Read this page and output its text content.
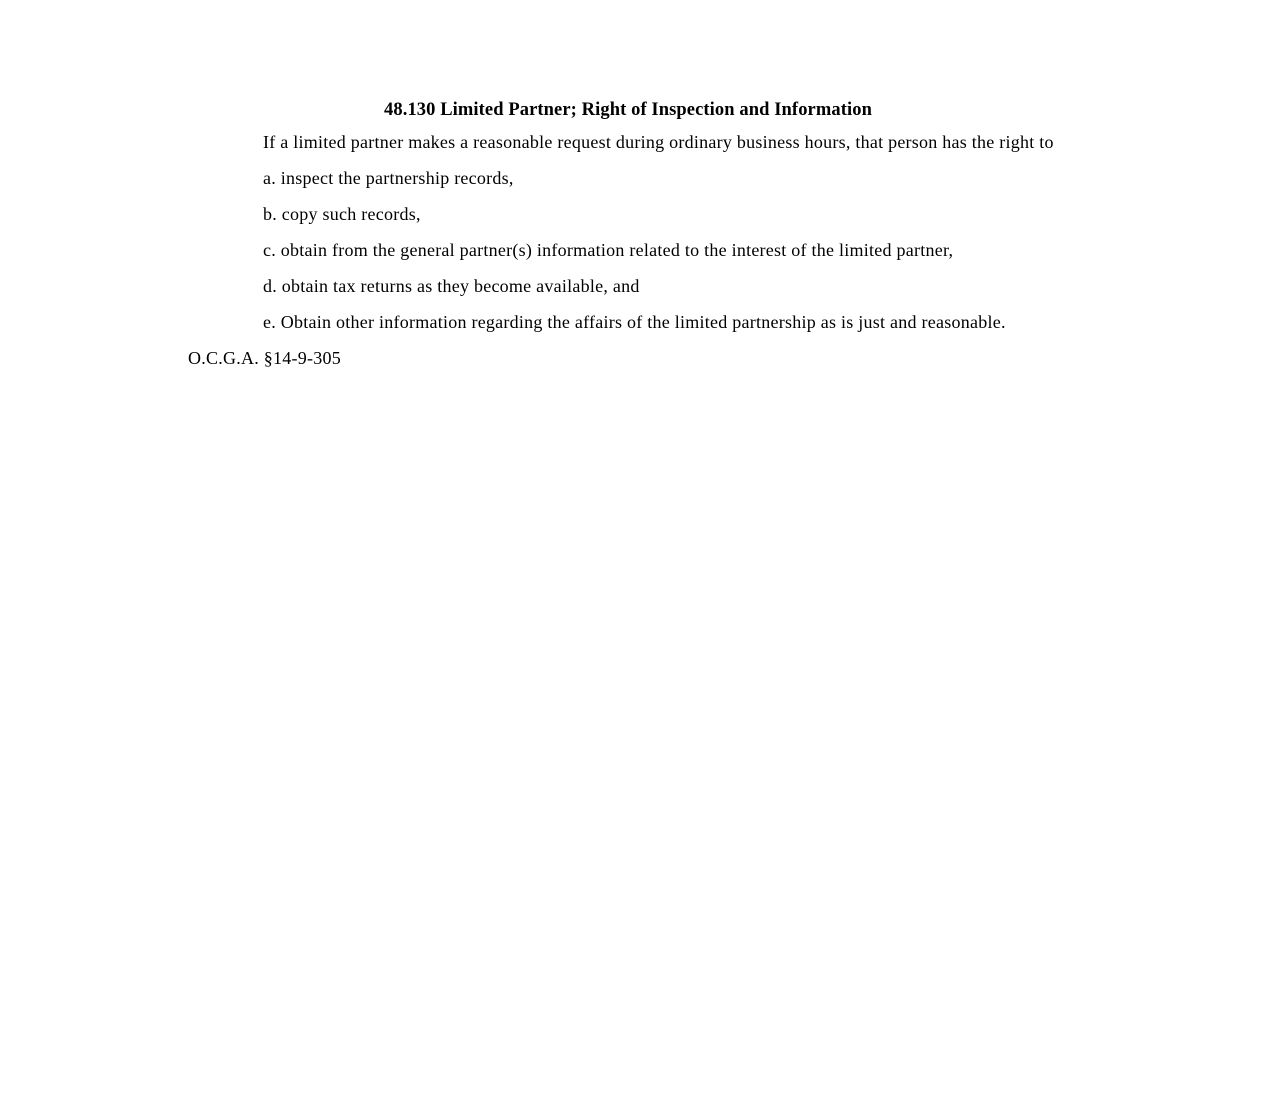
48.130 Limited Partner; Right of Inspection and Information

If a limited partner makes a reasonable request during ordinary business hours, that person has the right to

a. inspect the partnership records,
b. copy such records,
c. obtain from the general partner(s) information related to the interest of the limited partner,
d. obtain tax returns as they become available, and
e. Obtain other information regarding the affairs of the limited partnership as is just and reasonable.

O.C.G.A. §14-9-305
